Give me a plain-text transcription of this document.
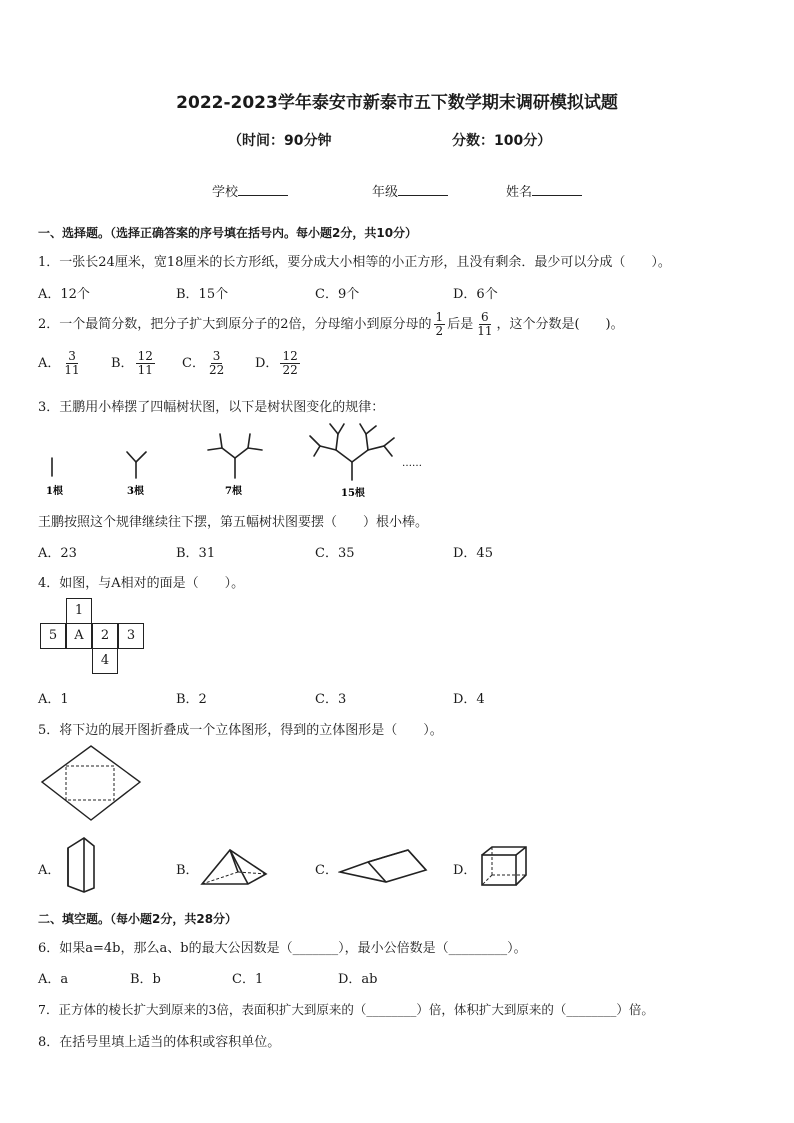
2022-2023学年泰安市新泰市五下数学期末调研模拟试题
（时间：90分钟	分数：100分）
学校	年级	姓名
一、选择题。（选择正确答案的序号填在括号内。每小题2分，共10分）
1．一张长24厘米，宽18厘米的长方形纸，要分成大小相等的小正方形，且没有剩余．最少可以分成（　　）。
A．12个	B．15个	C．9个	D．6个
2．一个最简分数，把分子扩大到原分子的2倍，分母缩小到原分母的 $\frac{1}{2}$ 后是 $\frac{6}{11}$ ，这个分数是(　　)。
A． $\frac{3}{11}$ B． $\frac{12}{11}$ C． $\frac{3}{22}$ D． $\frac{12}{22}$
3．王鹏用小棒摆了四幅树状图，以下是树状图变化的规律：
1根	3根	7根	15根
……
王鹏按照这个规律继续往下摆，第五幅树状图要摆（　　）根小棒。
A．23	B．31	C．35	D．45
4．如图，与A相对的面是（　　）。
1
5	A	2	3
4
A．1	B．2	C．3	D．4
5．将下边的展开图折叠成一个立体图形，得到的立体图形是（　　）。
A．	B．	C．	D．
二、填空题。（每小题2分，共28分）
6．如果a=4b，那么a、b的最大公因数是（_______），最小公倍数是（_________）。
A．a	B．b	C．1	D．ab
7．正方体的棱长扩大到原来的3倍，表面积扩大到原来的（________）倍，体积扩大到原来的（________）倍。
8．在括号里填上适当的体积或容积单位。
